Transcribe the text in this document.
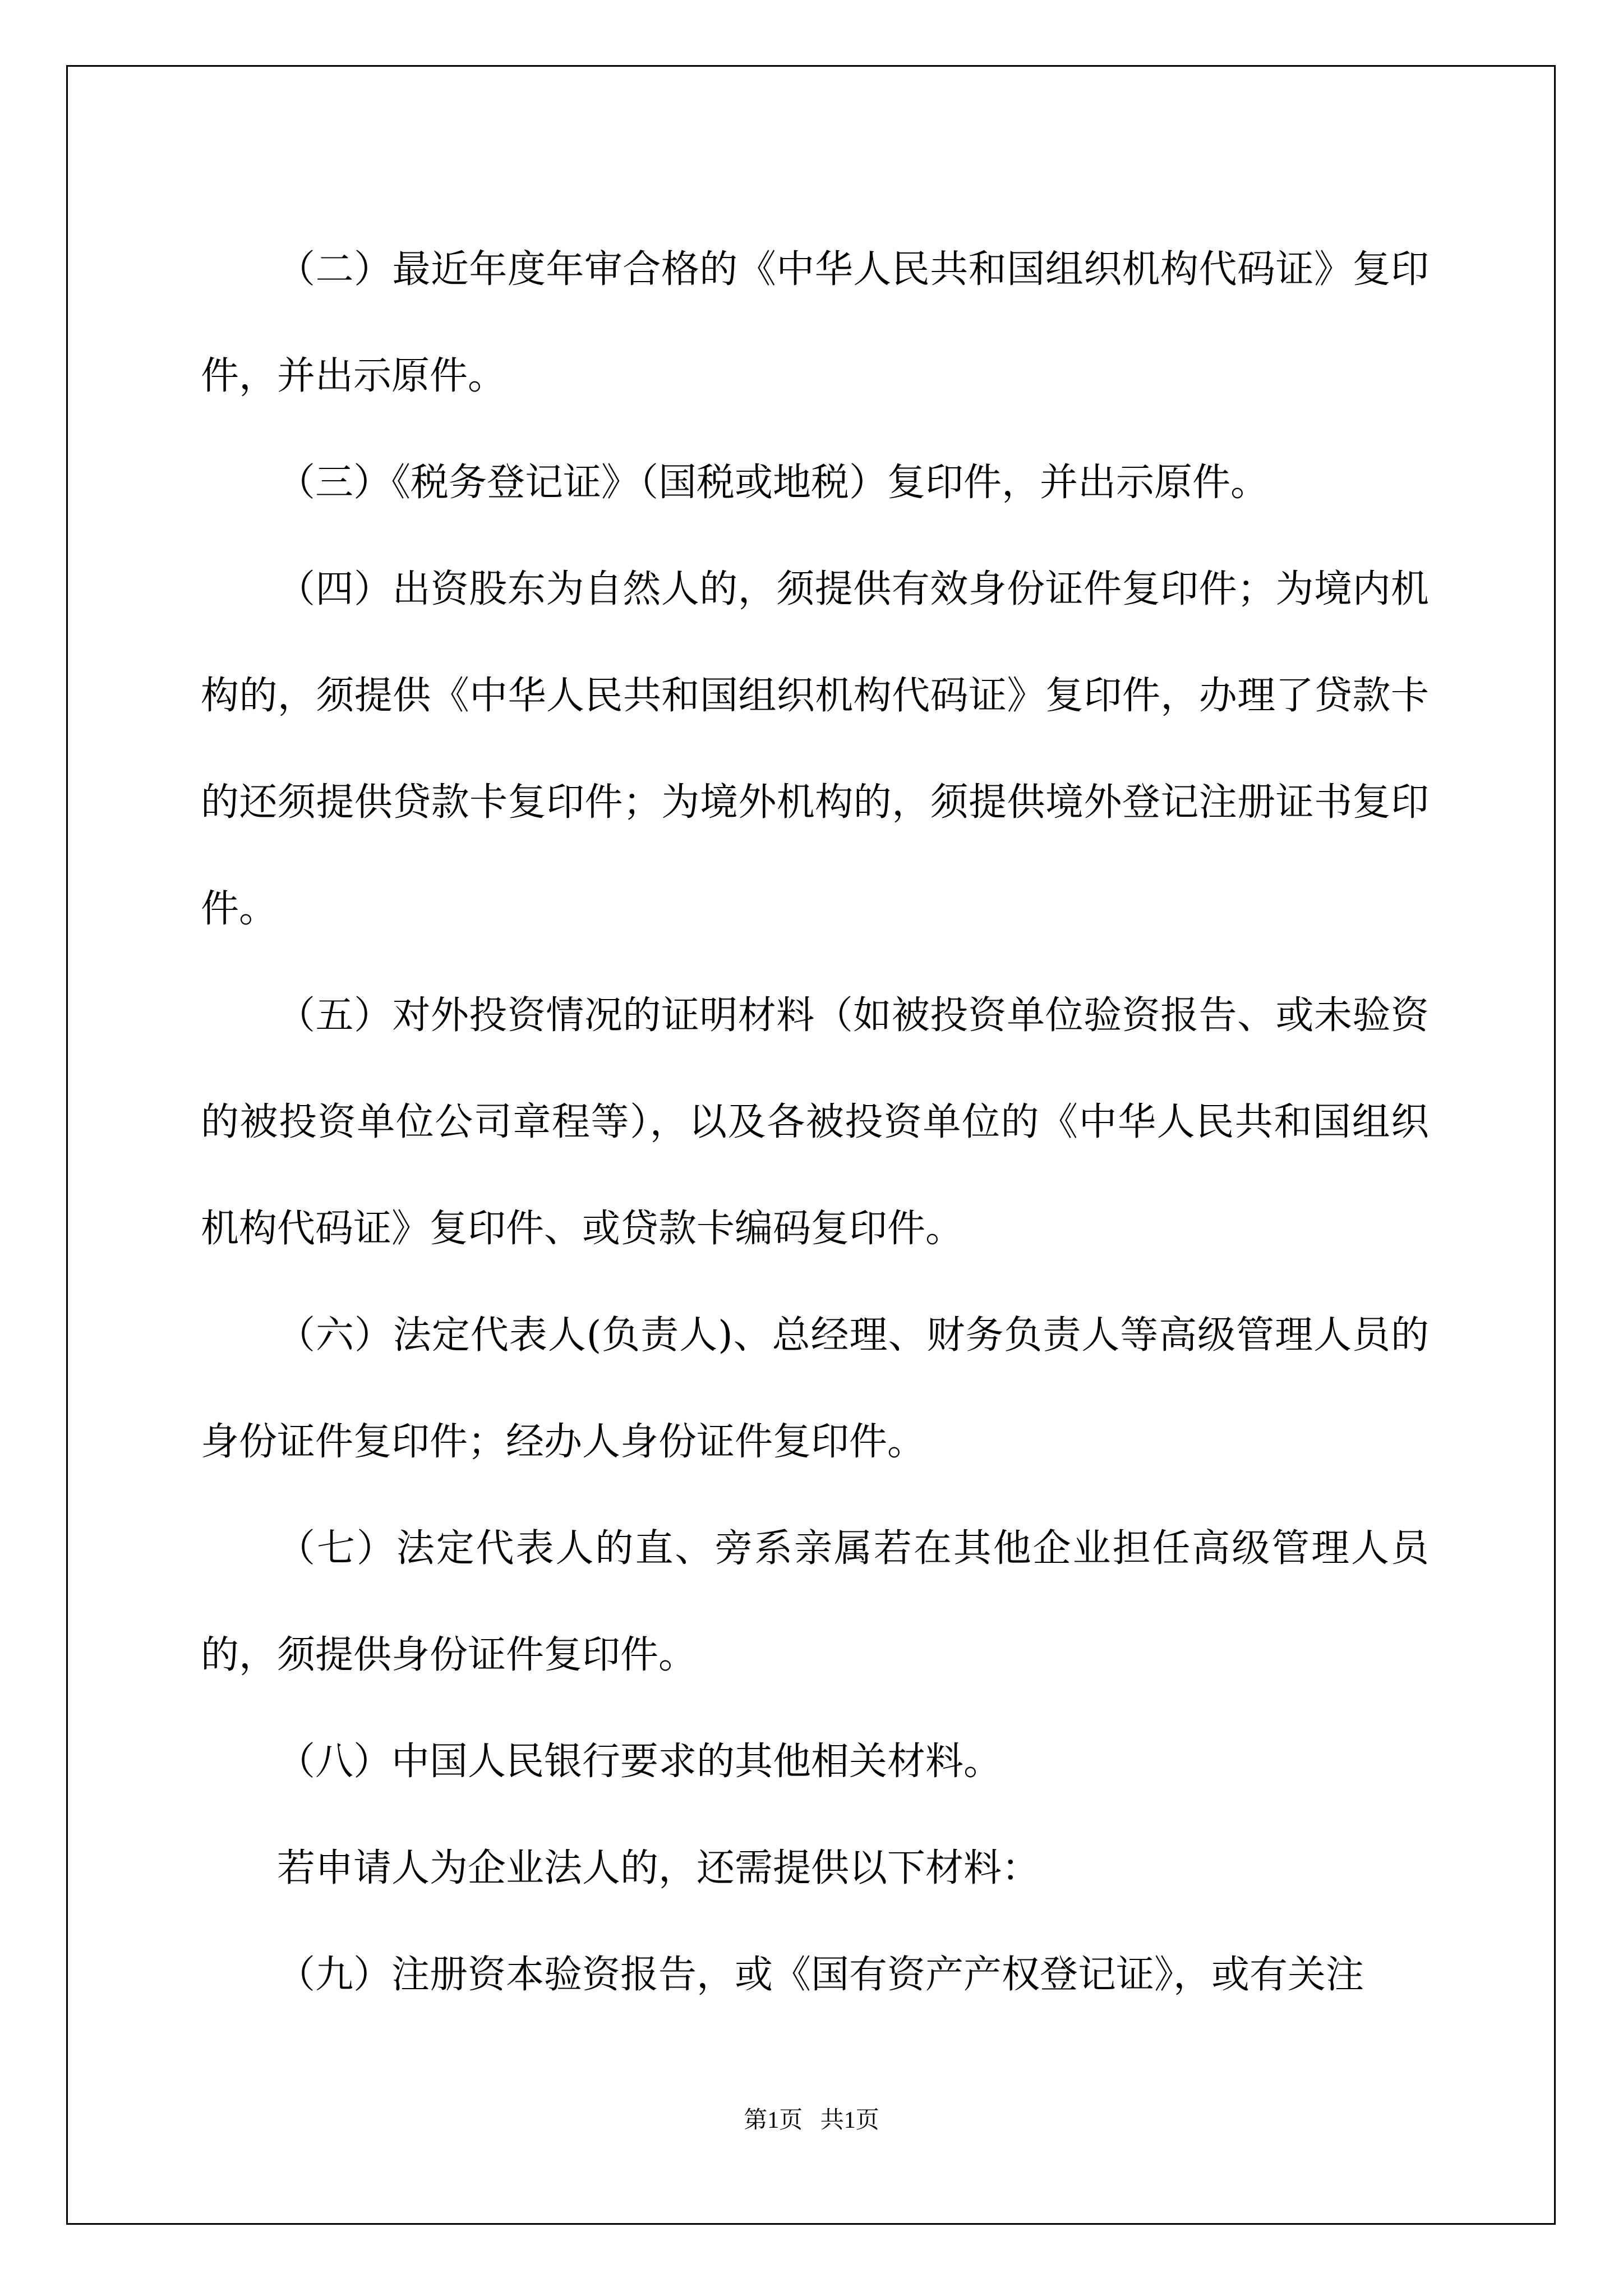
（二）最近年度年审合格的《中华人民共和国组织机构代码证》复印件，并出示原件。

（三）《税务登记证》（国税或地税）复印件，并出示原件。

（四）出资股东为自然人的，须提供有效身份证件复印件；为境内机构的，须提供《中华人民共和国组织机构代码证》复印件，办理了贷款卡的还须提供贷款卡复印件；为境外机构的，须提供境外登记注册证书复印件。

（五）对外投资情况的证明材料（如被投资单位验资报告、或未验资的被投资单位公司章程等），以及各被投资单位的《中华人民共和国组织机构代码证》复印件、或贷款卡编码复印件。

（六）法定代表人(负责人)、总经理、财务负责人等高级管理人员的身份证件复印件；经办人身份证件复印件。

（七）法定代表人的直、旁系亲属若在其他企业担任高级管理人员的，须提供身份证件复印件。

（八）中国人民银行要求的其他相关材料。

若申请人为企业法人的，还需提供以下材料：

（九）注册资本验资报告，或《国有资产产权登记证》，或有关注

第1页   共1页
